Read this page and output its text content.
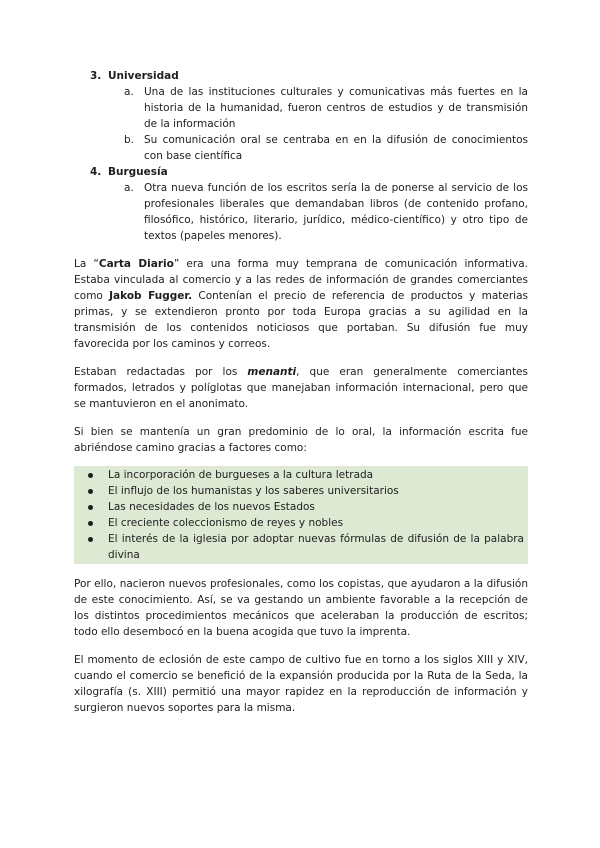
3. Universidad
a. Una de las instituciones culturales y comunicativas más fuertes en la historia de la humanidad, fueron centros de estudios y de transmisión de la información
b. Su comunicación oral se centraba en en la difusión de conocimientos con base científica
4. Burguesía
a. Otra nueva función de los escritos sería la de ponerse al servicio de los profesionales liberales que demandaban libros (de contenido profano, filosófico, histórico, literario, jurídico, médico-científico) y otro tipo de textos (papeles menores).

La “Carta Diario” era una forma muy temprana de comunicación informativa. Estaba vinculada al comercio y a las redes de información de grandes comerciantes como Jakob Fugger. Contenían el precio de referencia de productos y materias primas, y se extendieron pronto por toda Europa gracias a su agilidad en la transmisión de los contenidos noticiosos que portaban. Su difusión fue muy favorecida por los caminos y correos.

Estaban redactadas por los menanti, que eran generalmente comerciantes formados, letrados y políglotas que manejaban información internacional, pero que se mantuvieron en el anonimato.

Si bien se mantenía un gran predominio de lo oral, la información escrita fue abriéndose camino gracias a factores como:

La incorporación de burgueses a la cultura letrada
El influjo de los humanistas y los saberes universitarios
Las necesidades de los nuevos Estados
El creciente coleccionismo de reyes y nobles
El interés de la iglesia por adoptar nuevas fórmulas de difusión de la palabra divina

Por ello, nacieron nuevos profesionales, como los copistas, que ayudaron a la difusión de este conocimiento. Así, se va gestando un ambiente favorable a la recepción de los distintos procedimientos mecánicos que aceleraban la producción de escritos; todo ello desembocó en la buena acogida que tuvo la imprenta.

El momento de eclosión de este campo de cultivo fue en torno a los siglos XIII y XIV, cuando el comercio se benefició de la expansión producida por la Ruta de la Seda, la xilografía (s. XIII) permitió una mayor rapidez en la reproducción de información y surgieron nuevos soportes para la misma.
